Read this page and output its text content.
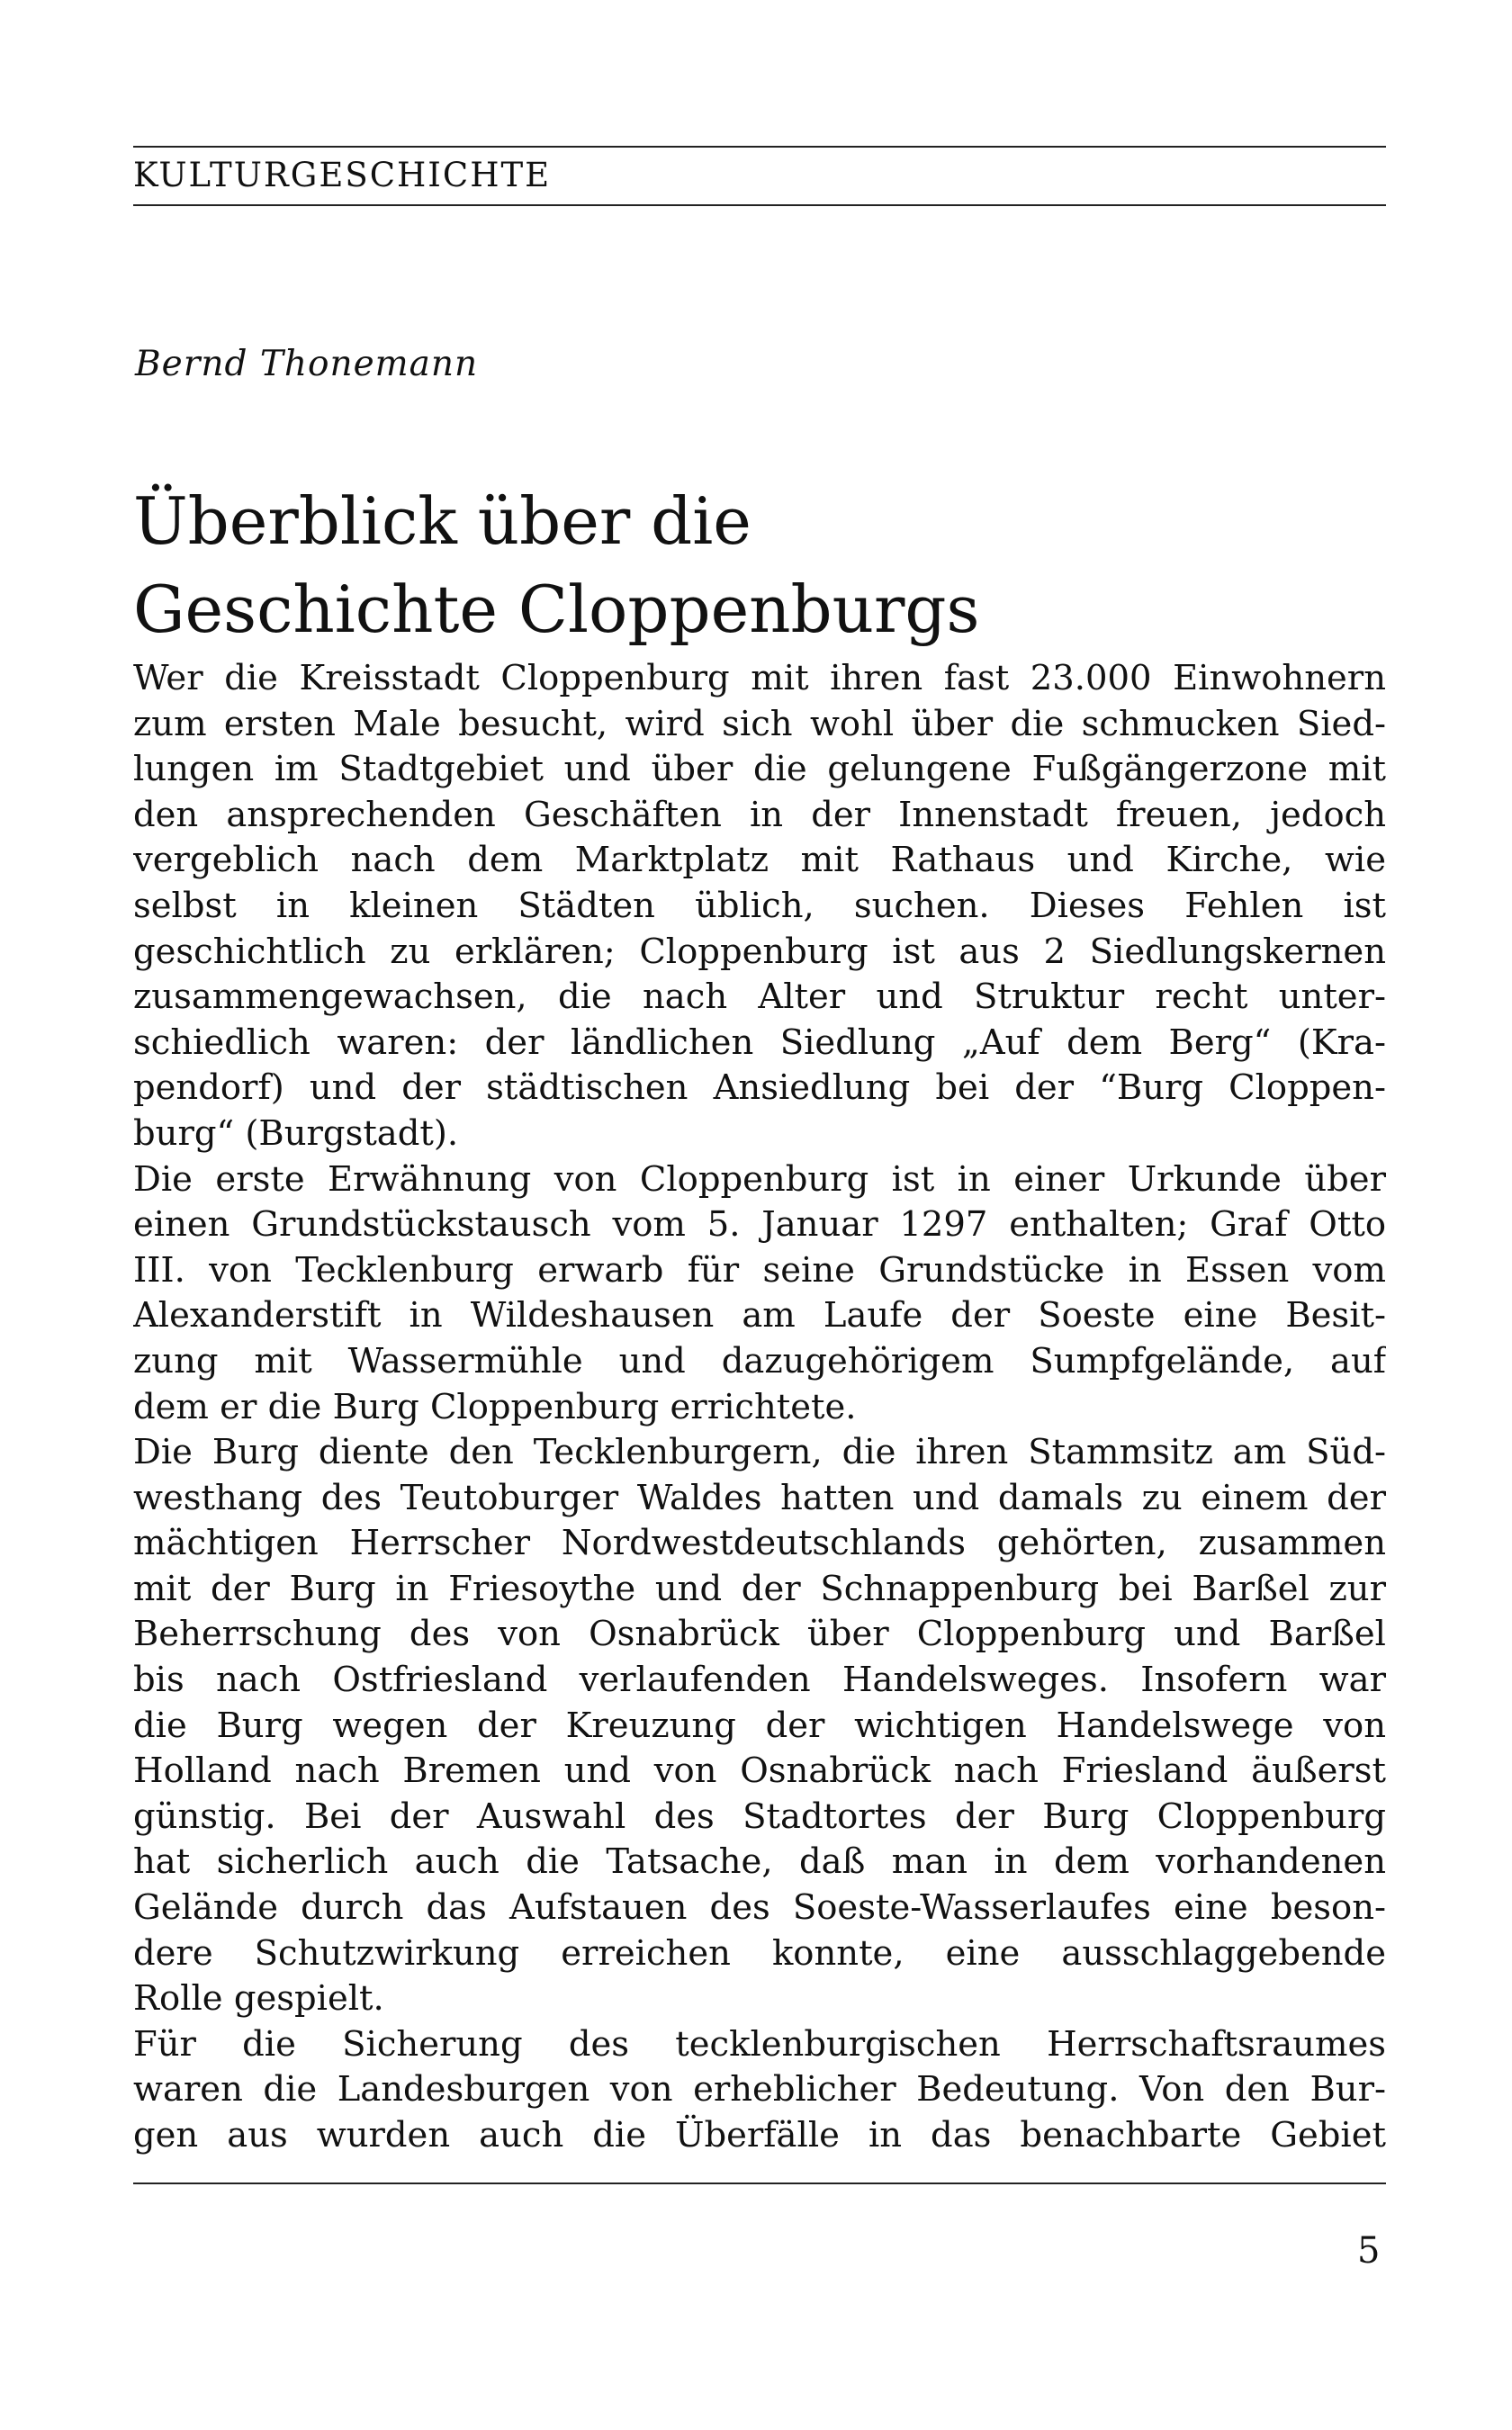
KULTURGESCHICHTE
Bernd Thonemann
Überblick über die
Geschichte Cloppenburgs
Wer die Kreisstadt Cloppenburg mit ihren fast 23.000 Einwohnern
zum ersten Male besucht, wird sich wohl über die schmucken Sied-
lungen im Stadtgebiet und über die gelungene Fußgängerzone mit
den ansprechenden Geschäften in der Innenstadt freuen, jedoch
vergeblich nach dem Marktplatz mit Rathaus und Kirche, wie
selbst in kleinen Städten üblich, suchen. Dieses Fehlen ist
geschichtlich zu erklären; Cloppenburg ist aus 2 Siedlungskernen
zusammengewachsen, die nach Alter und Struktur recht unter-
schiedlich waren: der ländlichen Siedlung „Auf dem Berg“ (Kra-
pendorf) und der städtischen Ansiedlung bei der “Burg Cloppen-
burg“ (Burgstadt).
Die erste Erwähnung von Cloppenburg ist in einer Urkunde über
einen Grundstückstausch vom 5. Januar 1297 enthalten; Graf Otto
III. von Tecklenburg erwarb für seine Grundstücke in Essen vom
Alexanderstift in Wildeshausen am Laufe der Soeste eine Besit-
zung mit Wassermühle und dazugehörigem Sumpfgelände, auf
dem er die Burg Cloppenburg errichtete.
Die Burg diente den Tecklenburgern, die ihren Stammsitz am Süd-
westhang des Teutoburger Waldes hatten und damals zu einem der
mächtigen Herrscher Nordwestdeutschlands gehörten, zusammen
mit der Burg in Friesoythe und der Schnappenburg bei Barßel zur
Beherrschung des von Osnabrück über Cloppenburg und Barßel
bis nach Ostfriesland verlaufenden Handelsweges. Insofern war
die Burg wegen der Kreuzung der wichtigen Handelswege von
Holland nach Bremen und von Osnabrück nach Friesland äußerst
günstig. Bei der Auswahl des Stadtortes der Burg Cloppenburg
hat sicherlich auch die Tatsache, daß man in dem vorhandenen
Gelände durch das Aufstauen des Soeste-Wasserlaufes eine beson-
dere Schutzwirkung erreichen konnte, eine ausschlaggebende
Rolle gespielt.
Für die Sicherung des tecklenburgischen Herrschaftsraumes
waren die Landesburgen von erheblicher Bedeutung. Von den Bur-
gen aus wurden auch die Überfälle in das benachbarte Gebiet
5
